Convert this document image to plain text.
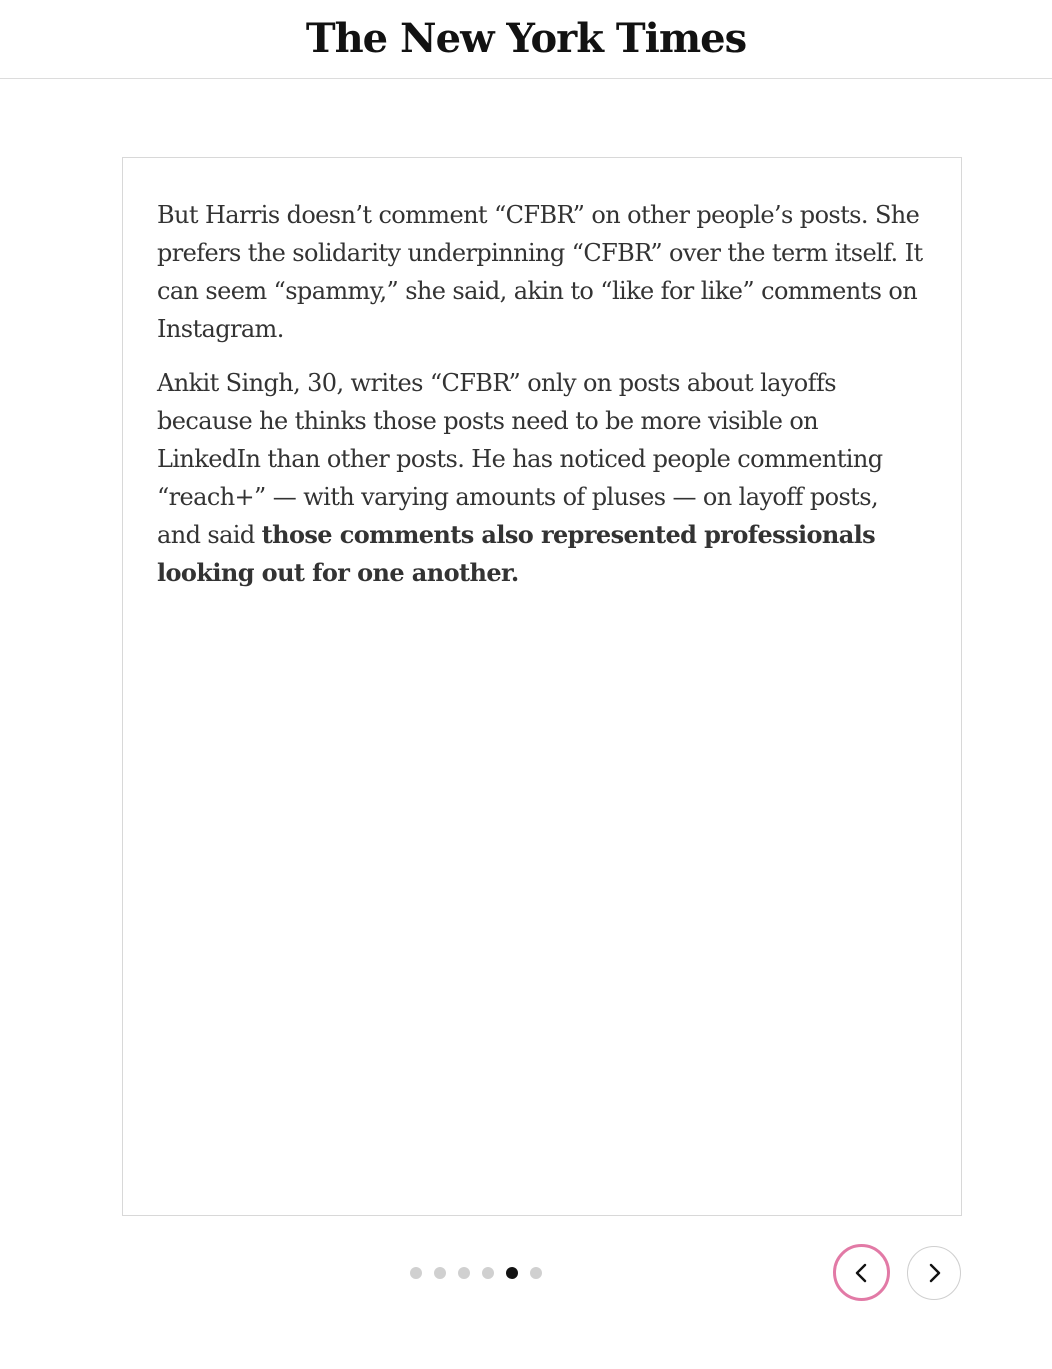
The New York Times

But Harris doesn’t comment “CFBR” on other people’s posts. She prefers the solidarity underpinning “CFBR” over the term itself. It can seem “spammy,” she said, akin to “like for like” comments on Instagram.

Ankit Singh, 30, writes “CFBR” only on posts about layoffs because he thinks those posts need to be more visible on LinkedIn than other posts. He has noticed people commenting “reach+” — with varying amounts of pluses — on layoff posts, and said those comments also represented professionals looking out for one another.
